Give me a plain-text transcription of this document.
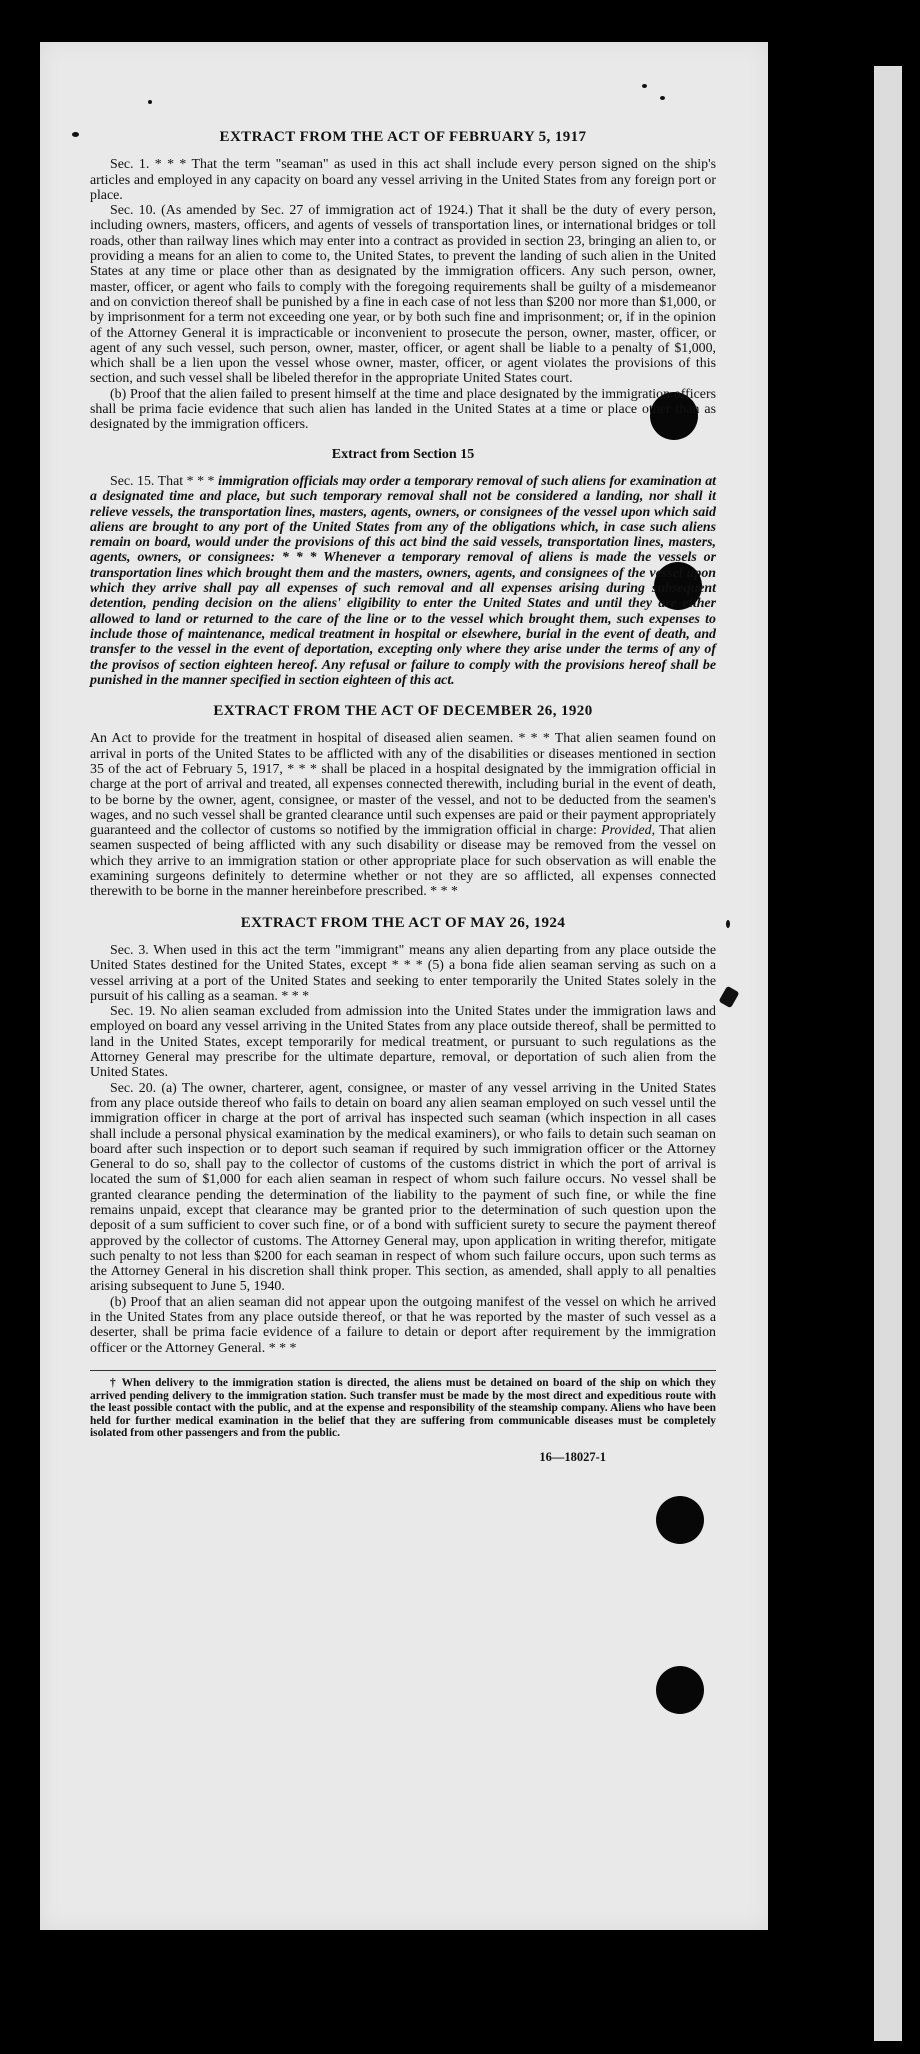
EXTRACT FROM THE ACT OF FEBRUARY 5, 1917

Sec. 1. * * * That the term "seaman" as used in this act shall include every person signed on the ship's articles and employed in any capacity on board any vessel arriving in the United States from any foreign port or place.

Sec. 10. (As amended by Sec. 27 of immigration act of 1924.) That it shall be the duty of every person, including owners, masters, officers, and agents of vessels of transportation lines, or international bridges or toll roads, other than railway lines which may enter into a contract as provided in section 23, bringing an alien to, or providing a means for an alien to come to, the United States, to prevent the landing of such alien in the United States at any time or place other than as designated by the immigration officers. Any such person, owner, master, officer, or agent who fails to comply with the foregoing requirements shall be guilty of a misdemeanor and on conviction thereof shall be punished by a fine in each case of not less than $200 nor more than $1,000, or by imprisonment for a term not exceeding one year, or by both such fine and imprisonment; or, if in the opinion of the Attorney General it is impracticable or inconvenient to prosecute the person, owner, master, officer, or agent of any such vessel, such person, owner, master, officer, or agent shall be liable to a penalty of $1,000, which shall be a lien upon the vessel whose owner, master, officer, or agent violates the provisions of this section, and such vessel shall be libeled therefor in the appropriate United States court.

(b) Proof that the alien failed to present himself at the time and place designated by the immigration officers shall be prima facie evidence that such alien has landed in the United States at a time or place other than as designated by the immigration officers.

Extract from Section 15

Sec. 15. That * * * immigration officials may order a temporary removal of such aliens for examination at a designated time and place, but such temporary removal shall not be considered a landing, nor shall it relieve vessels, the transportation lines, masters, agents, owners, or consignees of the vessel upon which said aliens are brought to any port of the United States from any of the obligations which, in case such aliens remain on board, would under the provisions of this act bind the said vessels, transportation lines, masters, agents, owners, or consignees: * * * Whenever a temporary removal of aliens is made the vessels or transportation lines which brought them and the masters, owners, agents, and consignees of the vessel upon which they arrive shall pay all expenses of such removal and all expenses arising during subsequent detention, pending decision on the aliens' eligibility to enter the United States and until they are either allowed to land or returned to the care of the line or to the vessel which brought them, such expenses to include those of maintenance, medical treatment in hospital or elsewhere, burial in the event of death, and transfer to the vessel in the event of deportation, excepting only where they arise under the terms of any of the provisos of section eighteen hereof. Any refusal or failure to comply with the provisions hereof shall be punished in the manner specified in section eighteen of this act.

EXTRACT FROM THE ACT OF DECEMBER 26, 1920

An Act to provide for the treatment in hospital of diseased alien seamen. * * * That alien seamen found on arrival in ports of the United States to be afflicted with any of the disabilities or diseases mentioned in section 35 of the act of February 5, 1917, * * * shall be placed in a hospital designated by the immigration official in charge at the port of arrival and treated, all expenses connected therewith, including burial in the event of death, to be borne by the owner, agent, consignee, or master of the vessel, and not to be deducted from the seamen's wages, and no such vessel shall be granted clearance until such expenses are paid or their payment appropriately guaranteed and the collector of customs so notified by the immigration official in charge: Provided, That alien seamen suspected of being afflicted with any such disability or disease may be removed from the vessel on which they arrive to an immigration station or other appropriate place for such observation as will enable the examining surgeons definitely to determine whether or not they are so afflicted, all expenses connected therewith to be borne in the manner hereinbefore prescribed. * * *

EXTRACT FROM THE ACT OF MAY 26, 1924

Sec. 3. When used in this act the term "immigrant" means any alien departing from any place outside the United States destined for the United States, except * * * (5) a bona fide alien seaman serving as such on a vessel arriving at a port of the United States and seeking to enter temporarily the United States solely in the pursuit of his calling as a seaman. * * *

Sec. 19. No alien seaman excluded from admission into the United States under the immigration laws and employed on board any vessel arriving in the United States from any place outside thereof, shall be permitted to land in the United States, except temporarily for medical treatment, or pursuant to such regulations as the Attorney General may prescribe for the ultimate departure, removal, or deportation of such alien from the United States.

Sec. 20. (a) The owner, charterer, agent, consignee, or master of any vessel arriving in the United States from any place outside thereof who fails to detain on board any alien seaman employed on such vessel until the immigration officer in charge at the port of arrival has inspected such seaman (which inspection in all cases shall include a personal physical examination by the medical examiners), or who fails to detain such seaman on board after such inspection or to deport such seaman if required by such immigration officer or the Attorney General to do so, shall pay to the collector of customs of the customs district in which the port of arrival is located the sum of $1,000 for each alien seaman in respect of whom such failure occurs. No vessel shall be granted clearance pending the determination of the liability to the payment of such fine, or while the fine remains unpaid, except that clearance may be granted prior to the determination of such question upon the deposit of a sum sufficient to cover such fine, or of a bond with sufficient surety to secure the payment thereof approved by the collector of customs. The Attorney General may, upon application in writing therefor, mitigate such penalty to not less than $200 for each seaman in respect of whom such failure occurs, upon such terms as the Attorney General in his discretion shall think proper. This section, as amended, shall apply to all penalties arising subsequent to June 5, 1940.

(b) Proof that an alien seaman did not appear upon the outgoing manifest of the vessel on which he arrived in the United States from any place outside thereof, or that he was reported by the master of such vessel as a deserter, shall be prima facie evidence of a failure to detain or deport after requirement by the immigration officer or the Attorney General. * * *

† When delivery to the immigration station is directed, the aliens must be detained on board of the ship on which they arrived pending delivery to the immigration station. Such transfer must be made by the most direct and expeditious route with the least possible contact with the public, and at the expense and responsibility of the steamship company. Aliens who have been held for further medical examination in the belief that they are suffering from communicable diseases must be completely isolated from other passengers and from the public.

16—18027-1
